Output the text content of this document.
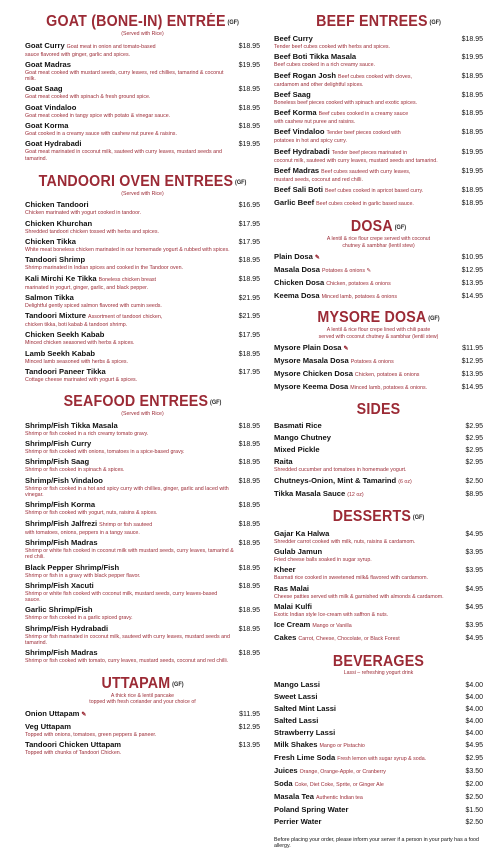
GOAT (BONE-IN) ENTRÉE (GF)
(Served with Rice)
Goat Curry Goat meat in onion and tomato-based	$18.95
sauce flavored with ginger, garlic and spices.
Goat Madras	$19.95
Goat meat cooked with mustard seeds, curry leaves, red chillies, tamarind & coconut milk.
Goat Saag	$18.95
Goat meat cooked with spinach & fresh ground spice.
Goat Vindaloo	$18.95
Goat meat cooked in tangy spice with potato & vinegar sauce.
Goat Korma	$18.95
Goat cooked in a creamy sauce with cashew nut puree & raisins.
Goat Hydrabadi	$19.95
Goat meat marinated in coconut milk, sauteed with curry leaves, mustard seeds and tamarind.
TANDOORI OVEN ENTREES (GF)
(Served with Rice)
Chicken Tandoori	$16.95
Chicken marinated with yogurt cooked in tandoor.
Chicken Khurchan	$17.95
Shredded tandoori chicken tossed with herbs and spices.
Chicken Tikka	$17.95
White meat boneless chicken marinated in our homemade yogurt & rubbed with spices.
Tandoori Shrimp	$18.95
Shrimp marinated in Indian spices and cooked in the Tandoor oven.
Kali Mirchi Ke Tikka Boneless chicken breast	$18.95
marinated in yogurt, ginger, garlic, and black pepper.
Salmon Tikka	$21.95
Delightful gently spiced salmon flavored with cumin seeds.
Tandoori Mixture Assortment of tandoori chicken,	$21.95
chicken tikka, boti kabab & tandoori shrimp.
Chicken Seekh Kabab	$17.95
Minced chicken seasoned with herbs & spices.
Lamb Seekh Kabab	$18.95
Minced lamb seasoned with herbs & spices.
Tandoori Paneer Tikka	$17.95
Cottage cheese marinated with yogurt & spices.
SEAFOOD ENTREES (GF)
(Served with Rice)
Shrimp/Fish Tikka Masala	$18.95
Shrimp or fish cooked in a rich creamy tomato gravy.
Shrimp/Fish Curry	$18.95
Shrimp or fish cooked with onions, tomatoes in a spice-based gravy.
Shrimp/Fish Saag	$18.95
Shrimp or fish cooked in spinach & spices.
Shrimp/Fish Vindaloo	$18.95
Shrimp or fish cooked in a hot and spicy curry with chillies, ginger, garlic and laced with vinegar.
Shrimp/Fish Korma	$18.95
Shrimp or fish cooked with yogurt, nuts, raisins & spices.
Shrimp/Fish Jalfrezi Shrimp or fish sauteed	$18.95
with tomatoes, onions, peppers in a tangy sauce.
Shrimp/Fish Madras	$18.95
Shrimp or white fish cooked in coconut milk with mustard seeds, curry leaves, tamarind & red chili.
Black Pepper Shrimp/Fish	$18.95
Shrimp or fish in a gravy with black pepper flavor.
Shrimp/Fish Xacuti	$18.95
Shrimp or white fish cooked with coconut milk, mustard seeds, curry leaves-based sauce.
Garlic Shrimp/Fish	$18.95
Shrimp or fish cooked in a garlic spiced gravy.
Shrimp/Fish Hydrabadi	$18.95
Shrimp or fish marinated in coconut milk, sauteed with curry leaves, mustard seeds and tamarind.
Shrimp/Fish Madras	$18.95
Shrimp or fish cooked with tomato, curry leaves, mustard seeds, coconut and red chilli.
UTTAPAM (GF)
A thick rice & lentil pancake
topped with fresh coriander and your choice of
Onion Uttapam ✎	$11.95
Veg Uttapam	$12.95
Topped with onions, tomatoes, green peppers & paneer.
Tandoori Chicken Uttapam	$13.95
Topped with chunks of Tandoori Chicken.
BEEF ENTREES (GF)
Beef Curry	$18.95
Tender beef cubes cooked with herbs and spices.
Beef Boti Tikka Masala	$19.95
Beef cubes cooked in a rich creamy sauce.
Beef Rogan Josh Beef cubes cooked with cloves,	$18.95
cardamom and other delightful spices.
Beef Saag	$18.95
Boneless beef pieces cooked with spinach and exotic spices.
Beef Korma Beef cubes cooked in a creamy sauce	$18.95
with cashew nut puree and raisins.
Beef Vindaloo Tender beef pieces cooked with	$18.95
potatoes in hot and spicy curry.
Beef Hydrabadi Tender beef pieces marinated in	$19.95
coconut milk, sauteed with curry leaves, mustard seeds and tamarind.
Beef Madras Beef cubes sauteed with curry leaves,	$19.95
mustard seeds, coconut and red chilli.
Beef Sali Boti Beef cubes cooked in apricot based curry.	$18.95
Garlic Beef Beef cubes cooked in garlic based sauce.	$18.95
DOSA (GF)
A lentil & rice flour crepe served with coconut
chutney & sambhar (lentil stew)
Plain Dosa ✎	$10.95
Masala Dosa Potatoes & onions ✎	$12.95
Chicken Dosa Chicken, potatoes & onions	$13.95
Keema Dosa Minced lamb, potatoes & onions	$14.95
MYSORE DOSA (GF)
A lentil & rice flour crepe lined with chili paste
served with coconut chutney & sambhar (lentil stew)
Mysore Plain Dosa ✎	$11.95
Mysore Masala Dosa Potatoes & onions	$12.95
Mysore Chicken Dosa Chicken, potatoes & onions	$13.95
Mysore Keema Dosa Minced lamb, potatoes & onions.	$14.95
SIDES
Basmati Rice	$2.95
Mango Chutney	$2.95
Mixed Pickle	$2.95
Raita	$2.95
Shredded cucumber and tomatoes in homemade yogurt.
Chutneys-Onion, Mint & Tamarind (6 oz)	$2.50
Tikka Masala Sauce (12 oz)	$8.95
DESSERTS (GF)
Gajar Ka Halwa	$4.95
Shredder carrot cooked with milk, nuts, raisins & cardamom.
Gulab Jamun	$3.95
Fried cheese balls soaked in sugar syrup.
Kheer	$3.95
Basmati rice cooked in sweetened milk& flavored with cardamom.
Ras Malai	$4.95
Cheese patties served with milk & garnished with almonds & cardamom.
Malai Kulfi	$4.95
Exotic Indian style Ice-cream with saffron & nuts.
Ice Cream Mango or Vanilla	$3.95
Cakes Carrot, Cheese, Chocolate, or Black Forest	$4.95
BEVERAGES
Lassi – refreshing yogurt drink
Mango Lassi	$4.00
Sweet Lassi	$4.00
Salted Mint Lassi	$4.00
Salted Lassi	$4.00
Strawberry Lassi	$4.00
Milk Shakes Mango or Pistachio	$4.95
Fresh Lime Soda Fresh lemon with sugar syrup & soda.	$2.95
Juices Orange, Orange-Apple, or Cranberry	$3.50
Soda Coke, Diet Coke, Sprite, or Ginger Ale	$2.00
Masala Tea Authentic Indian tea	$2.50
Poland Spring Water	$1.50
Perrier Water	$2.50
Before placing your order, please inform your server if a person in your party has a food allergy.
